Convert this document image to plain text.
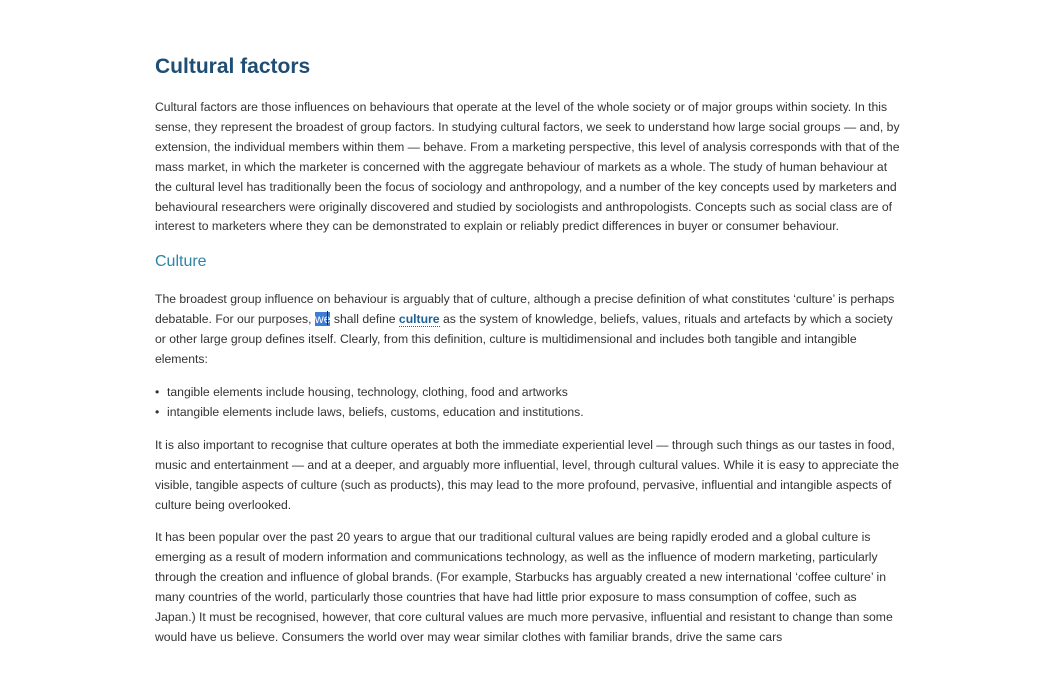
Cultural factors

Cultural factors are those influences on behaviours that operate at the level of the whole society or of major groups within society. In this sense, they represent the broadest of group factors. In studying cultural factors, we seek to understand how large social groups — and, by extension, the individual members within them — behave. From a marketing perspective, this level of analysis corresponds with that of the mass market, in which the marketer is concerned with the aggregate behaviour of markets as a whole. The study of human behaviour at the cultural level has traditionally been the focus of sociology and anthropology, and a number of the key concepts used by marketers and behavioural researchers were originally discovered and studied by sociologists and anthropologists. Concepts such as social class are of interest to marketers where they can be demonstrated to explain or reliably predict differences in buyer or consumer behaviour.

Culture

The broadest group influence on behaviour is arguably that of culture, although a precise definition of what constitutes ‘culture’ is perhaps debatable. For our purposes, we shall define culture as the system of knowledge, beliefs, values, rituals and artefacts by which a society or other large group defines itself. Clearly, from this definition, culture is multidimensional and includes both tangible and intangible elements:

• tangible elements include housing, technology, clothing, food and artworks
• intangible elements include laws, beliefs, customs, education and institutions.

It is also important to recognise that culture operates at both the immediate experiential level — through such things as our tastes in food, music and entertainment — and at a deeper, and arguably more influential, level, through cultural values. While it is easy to appreciate the visible, tangible aspects of culture (such as products), this may lead to the more profound, pervasive, influential and intangible aspects of culture being overlooked.

It has been popular over the past 20 years to argue that our traditional cultural values are being rapidly eroded and a global culture is emerging as a result of modern information and communications technology, as well as the influence of modern marketing, particularly through the creation and influence of global brands. (For example, Starbucks has arguably created a new international ‘coffee culture’ in many countries of the world, particularly those countries that have had little prior exposure to mass consumption of coffee, such as Japan.) It must be recognised, however, that core cultural values are much more pervasive, influential and resistant to change than some would have us believe. Consumers the world over may wear similar clothes with familiar brands, drive the same cars
